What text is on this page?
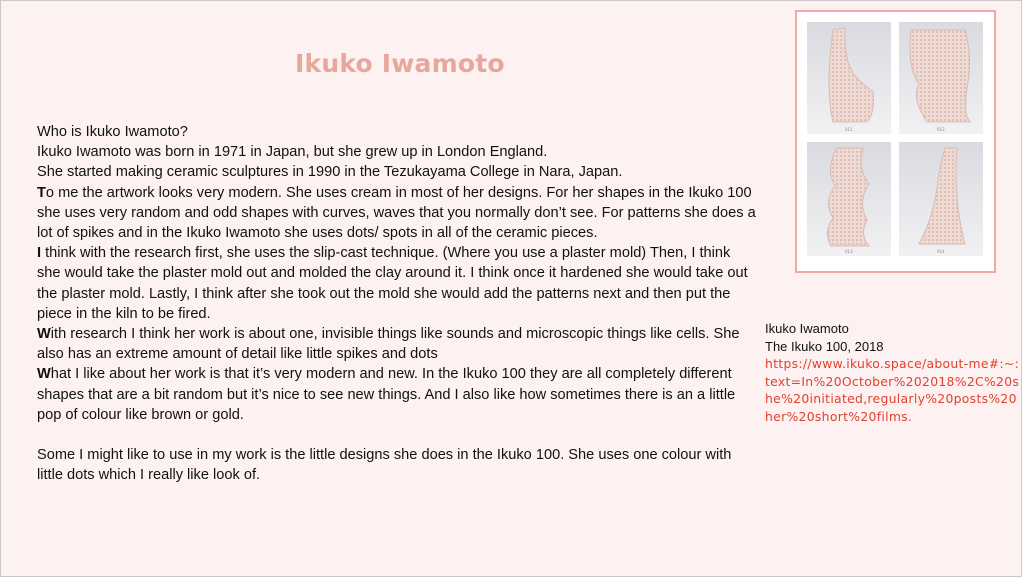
Ikuko Iwamoto

Who is Ikuko Iwamoto?

Ikuko Iwamoto was born in 1971 in Japan, but she grew up in London England.

She started making ceramic sculptures in 1990 in the Tezukayama College in Nara, Japan.

To me the artwork looks very modern. She uses cream in most of her designs. For her shapes in the Ikuko 100 she uses very random and odd shapes with curves, waves that you normally don’t see. For patterns she does a lot of spikes and in the Ikuko Iwamoto she uses dots/ spots in all of the ceramic pieces.

I think with the research first, she uses the slip-cast technique. (Where you use a plaster mold) Then, I think she would take the plaster mold out and molded the clay around it. I think once it hardened she would take out the plaster mold. Lastly, I think after she took out the mold she would add the patterns next and then put the piece in the kiln to be fired.

With research I think her work is about one, invisible things like sounds and microscopic things like cells. She also has an extreme amount of detail like little spikes and dots

What I like about her work is that it’s very modern and new. In the Ikuko 100 they are all completely different shapes that are a bit random but it’s nice to see new things. And I also like how sometimes there is an a little pop of colour like brown or gold.

Some I might like to use in my work is the little designs she does in the Ikuko 100. She uses one colour with little dots which I really like look of.

011	012
013	014
Ikuko Iwamoto
The Ikuko 100, 2018
https://www.ikuko.space/about-me#:~:text=In%20October%202018%2C%20she%20initiated,regularly%20posts%20her%20short%20films.
